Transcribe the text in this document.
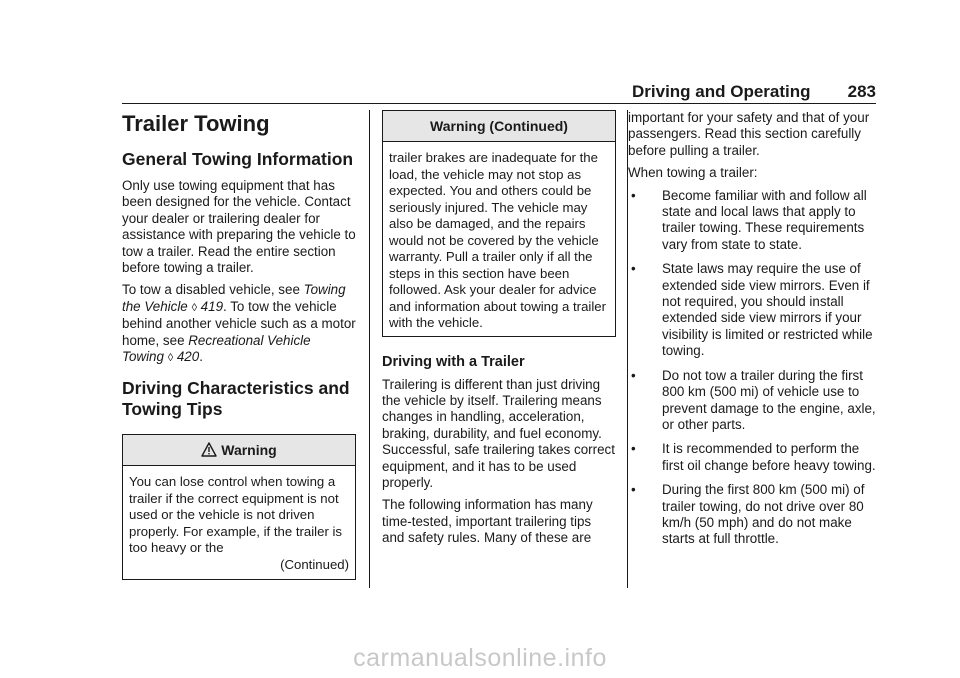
Driving and Operating 283
Trailer Towing
General Towing Information

Only use towing equipment that has been designed for the vehicle. Contact your dealer or trailering dealer for assistance with preparing the vehicle to tow a trailer. Read the entire section before towing a trailer.

To tow a disabled vehicle, see Towing the Vehicle ◊ 419. To tow the vehicle behind another vehicle such as a motor home, see Recreational Vehicle Towing ◊ 420.

Driving Characteristics and Towing Tips
Warning
You can lose control when towing a trailer if the correct equipment is not used or the vehicle is not driven properly. For example, if the trailer is too heavy or the
(Continued)
Warning (Continued)
trailer brakes are inadequate for the load, the vehicle may not stop as expected. You and others could be seriously injured. The vehicle may also be damaged, and the repairs would not be covered by the vehicle warranty. Pull a trailer only if all the steps in this section have been followed. Ask your dealer for advice and information about towing a trailer with the vehicle.
Driving with a Trailer

Trailering is different than just driving the vehicle by itself. Trailering means changes in handling, acceleration, braking, durability, and fuel economy. Successful, safe trailering takes correct equipment, and it has to be used properly.

The following information has many time-tested, important trailering tips and safety rules. Many of these are

important for your safety and that of your passengers. Read this section carefully before pulling a trailer.

When towing a trailer:

• Become familiar with and follow all state and local laws that apply to trailer towing. These requirements vary from state to state.
• State laws may require the use of extended side view mirrors. Even if not required, you should install extended side view mirrors if your visibility is limited or restricted while towing.
• Do not tow a trailer during the first 800 km (500 mi) of vehicle use to prevent damage to the engine, axle, or other parts.
• It is recommended to perform the first oil change before heavy towing.
• During the first 800 km (500 mi) of trailer towing, do not drive over 80 km/h (50 mph) and do not make starts at full throttle.
carmanualsonline.info
